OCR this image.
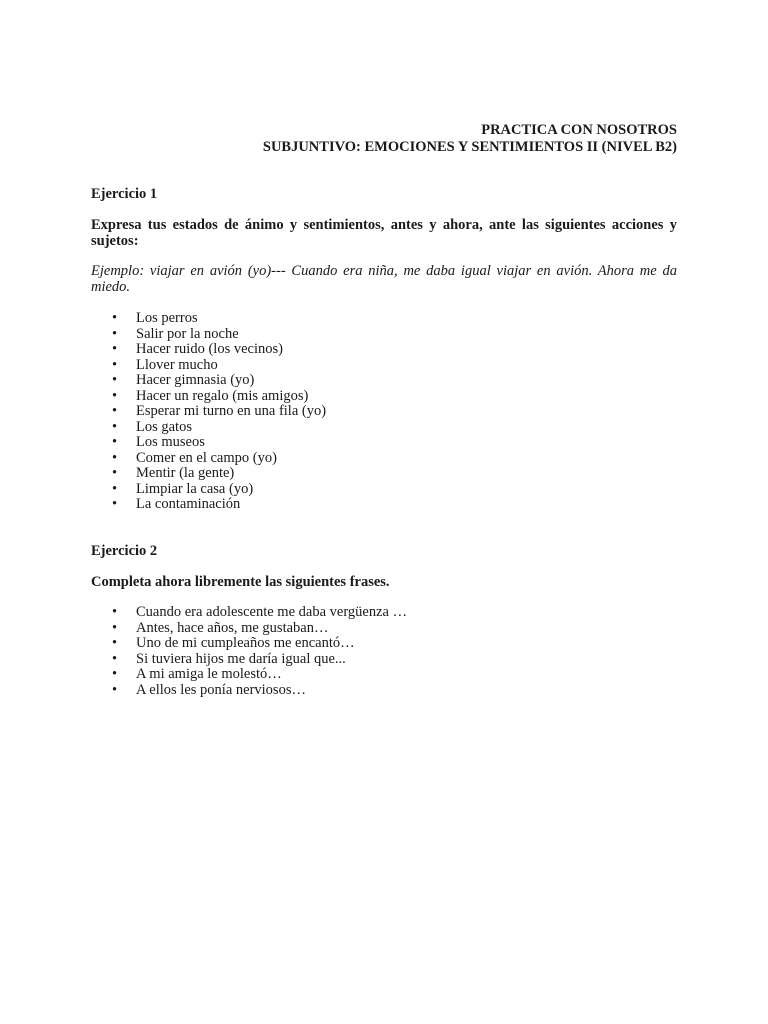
PRACTICA CON NOSOTROS
SUBJUNTIVO: EMOCIONES Y SENTIMIENTOS II (NIVEL B2)
Ejercicio 1
Expresa tus estados de ánimo y sentimientos, antes y ahora, ante las siguientes acciones y sujetos:
Ejemplo: viajar en avión (yo)--- Cuando era niña, me daba igual viajar en avión. Ahora me da miedo.
• Los perros
• Salir por la noche
• Hacer ruido (los vecinos)
• Llover mucho
• Hacer gimnasia (yo)
• Hacer un regalo (mis amigos)
• Esperar mi turno en una fila (yo)
• Los gatos
• Los museos
• Comer en el campo (yo)
• Mentir (la gente)
• Limpiar la casa (yo)
• La contaminación
Ejercicio 2
Completa ahora libremente las siguientes frases.
• Cuando era adolescente me daba vergüenza …
• Antes, hace años, me gustaban…
• Uno de mi cumpleaños me encantó…
• Si tuviera hijos me daría igual que...
• A mi amiga le molestó…
• A ellos les ponía nerviosos…
